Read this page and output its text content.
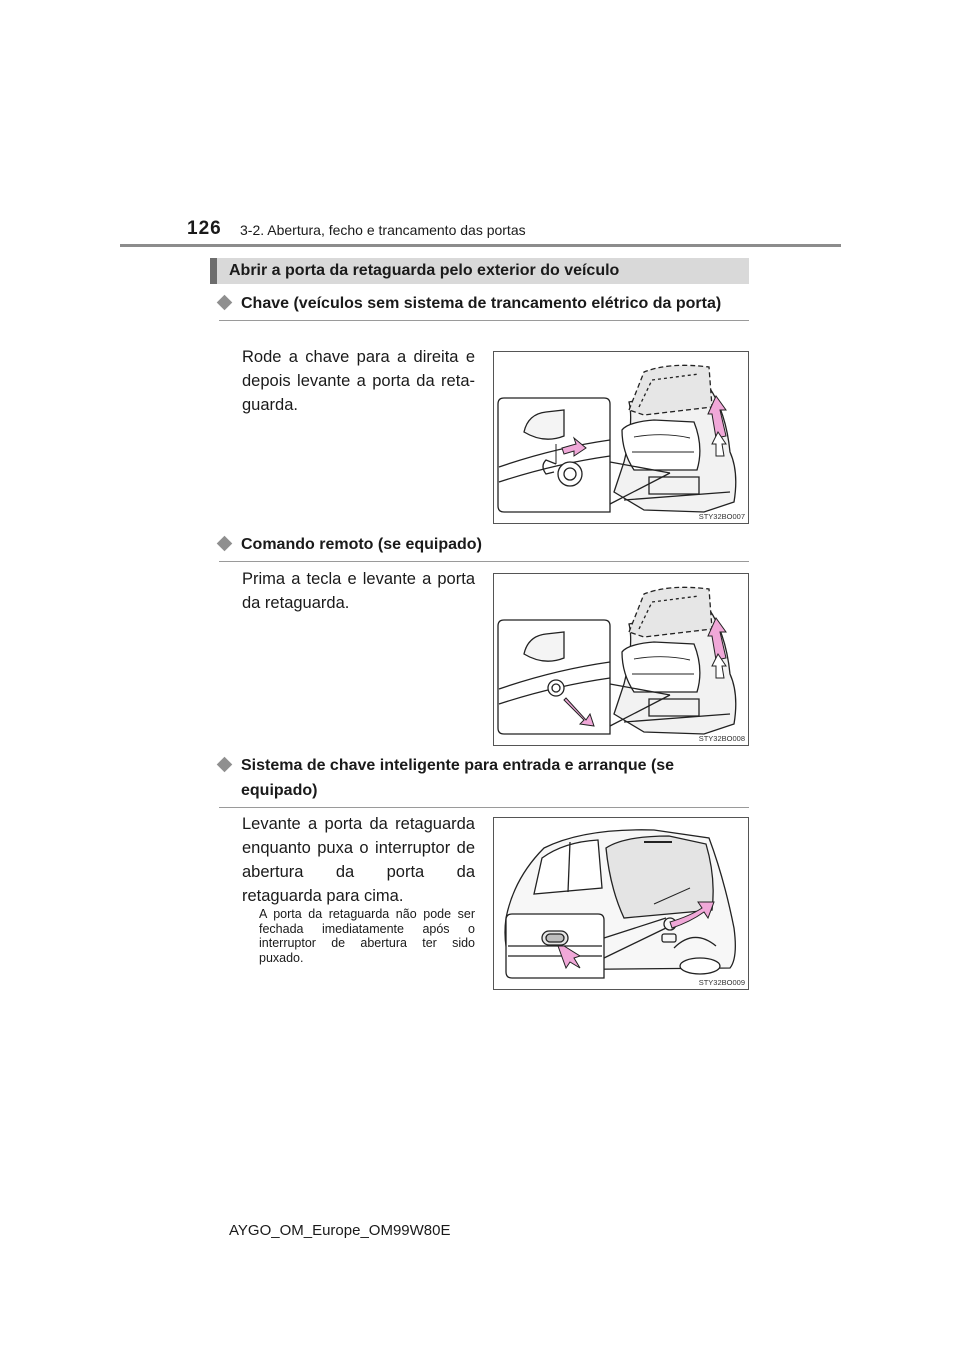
126 3-2. Abertura, fecho e trancamento das portas
Abrir a porta da retaguarda pelo exterior do veículo
Chave (veículos sem sistema de trancamento elétrico da porta)
Rode a chave para a direita e depois levante a porta da reta-guarda.
STY32BO007
Comando remoto (se equipado)
Prima a tecla e levante a porta da retaguarda.
STY32BO008
Sistema de chave inteligente para entrada e arranque (se equipado)
Levante a porta da retaguarda enquanto puxa o interruptor de abertura da porta da retaguarda para cima.
A porta da retaguarda não pode ser fechada imediatamente após o interruptor de abertura ter sido puxado.
STY32BO009
AYGO_OM_Europe_OM99W80E
